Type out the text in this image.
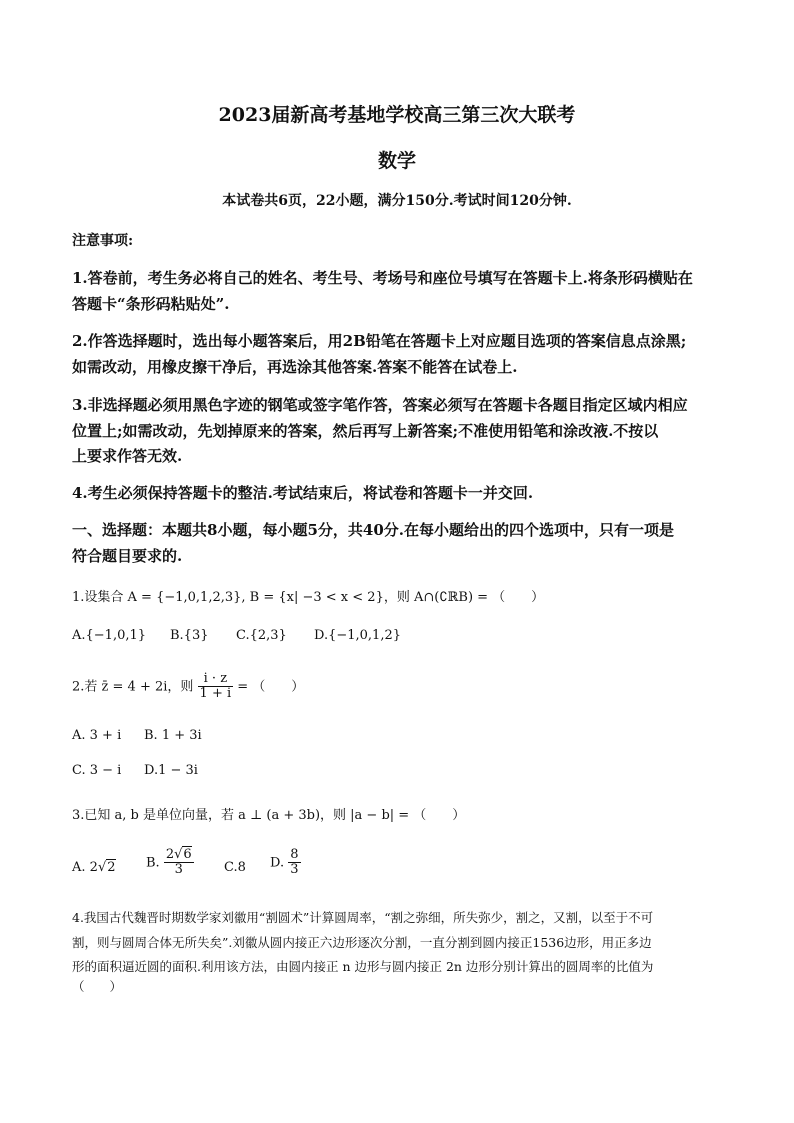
2023届新高考基地学校高三第三次大联考
数学
本试卷共6页，22小题，满分150分.考试时间120分钟.
注意事项:
1.答卷前，考生务必将自己的姓名、考生号、考场号和座位号填写在答题卡上.将条形码横贴在
答题卡“条形码粘贴处”.
2.作答选择题时，选出每小题答案后，用2B铅笔在答题卡上对应题目选项的答案信息点涂黑;
如需改动，用橡皮擦干净后，再选涂其他答案.答案不能答在试卷上.
3.非选择题必须用黑色字迹的钢笔或签字笔作答，答案必须写在答题卡各题目指定区域内相应
位置上;如需改动，先划掉原来的答案，然后再写上新答案;不准使用铅笔和涂改液.不按以
上要求作答无效.
4.考生必须保持答题卡的整洁.考试结束后，将试卷和答题卡一并交回.
一、选择题：本题共8小题，每小题5分，共40分.在每小题给出的四个选项中，只有一项是
符合题目要求的.
1.设集合 A = {−1,0,1,2,3}, B = {x| −3 < x < 2}，则 A∩(∁ℝB) = （　　）
A.{−1,0,1} B.{3} C.{2,3} D.{−1,0,1,2}
2.若 z̄ = 4 + 2i，则 $\frac{i \cdot z}{1 + i}$ = （　　）
A. 3 + i B. 1 + 3i
C. 3 − i D.1 − 3i
3.已知 a, b 是单位向量，若 a ⊥ (a + 3b)，则 |a − b| = （　　）
A. 2√2 B. $\frac{2√6}{3} C.8$ D. $\frac{8}{3}$
4.我国古代魏晋时期数学家刘徽用“割圆术”计算圆周率，“割之弥细，所失弥少，割之，又割，以至于不可
割，则与圆周合体无所失矣”.刘徽从圆内接正六边形逐次分割，一直分割到圆内接正1536边形，用正多边
形的面积逼近圆的面积.利用该方法，由圆内接正 n 边形与圆内接正 2n 边形分别计算出的圆周率的比值为
（　　）
